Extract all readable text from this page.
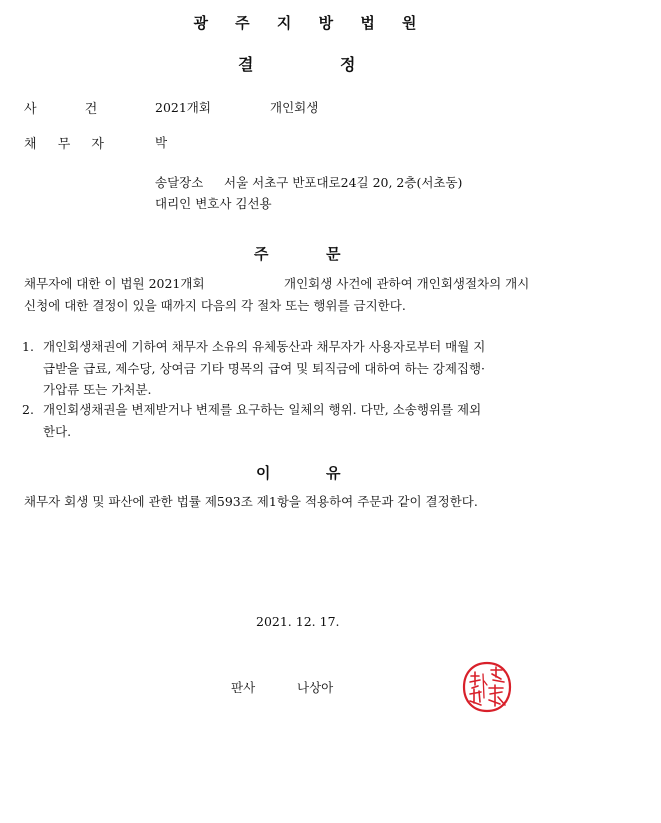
광 주 지 방 법 원
결	정
사 건	2021개회	개인회생
채 무 자	박
송달장소 서울 서초구 반포대로24길 20, 2층(서초동)
대리인 변호사 김선용
주	문
채무자에 대한 이 법원 2021개회	개인회생 사건에 관하여 개인회생절차의 개시
신청에 대한 결정이 있을 때까지 다음의 각 절차 또는 행위를 금지한다.
1. 개인회생채권에 기하여 채무자 소유의 유체동산과 채무자가 사용자로부터 매월 지
급받을 급료, 제수당, 상여금 기타 명목의 급여 및 퇴직금에 대하여 하는 강제집행·
가압류 또는 가처분.
2. 개인회생채권을 변제받거나 변제를 요구하는 일체의 행위. 다만, 소송행위를 제외
한다.
이	유
채무자 회생 및 파산에 관한 법률 제593조 제1항을 적용하여 주문과 같이 결정한다.
2021. 12. 17.
판사	나상아
